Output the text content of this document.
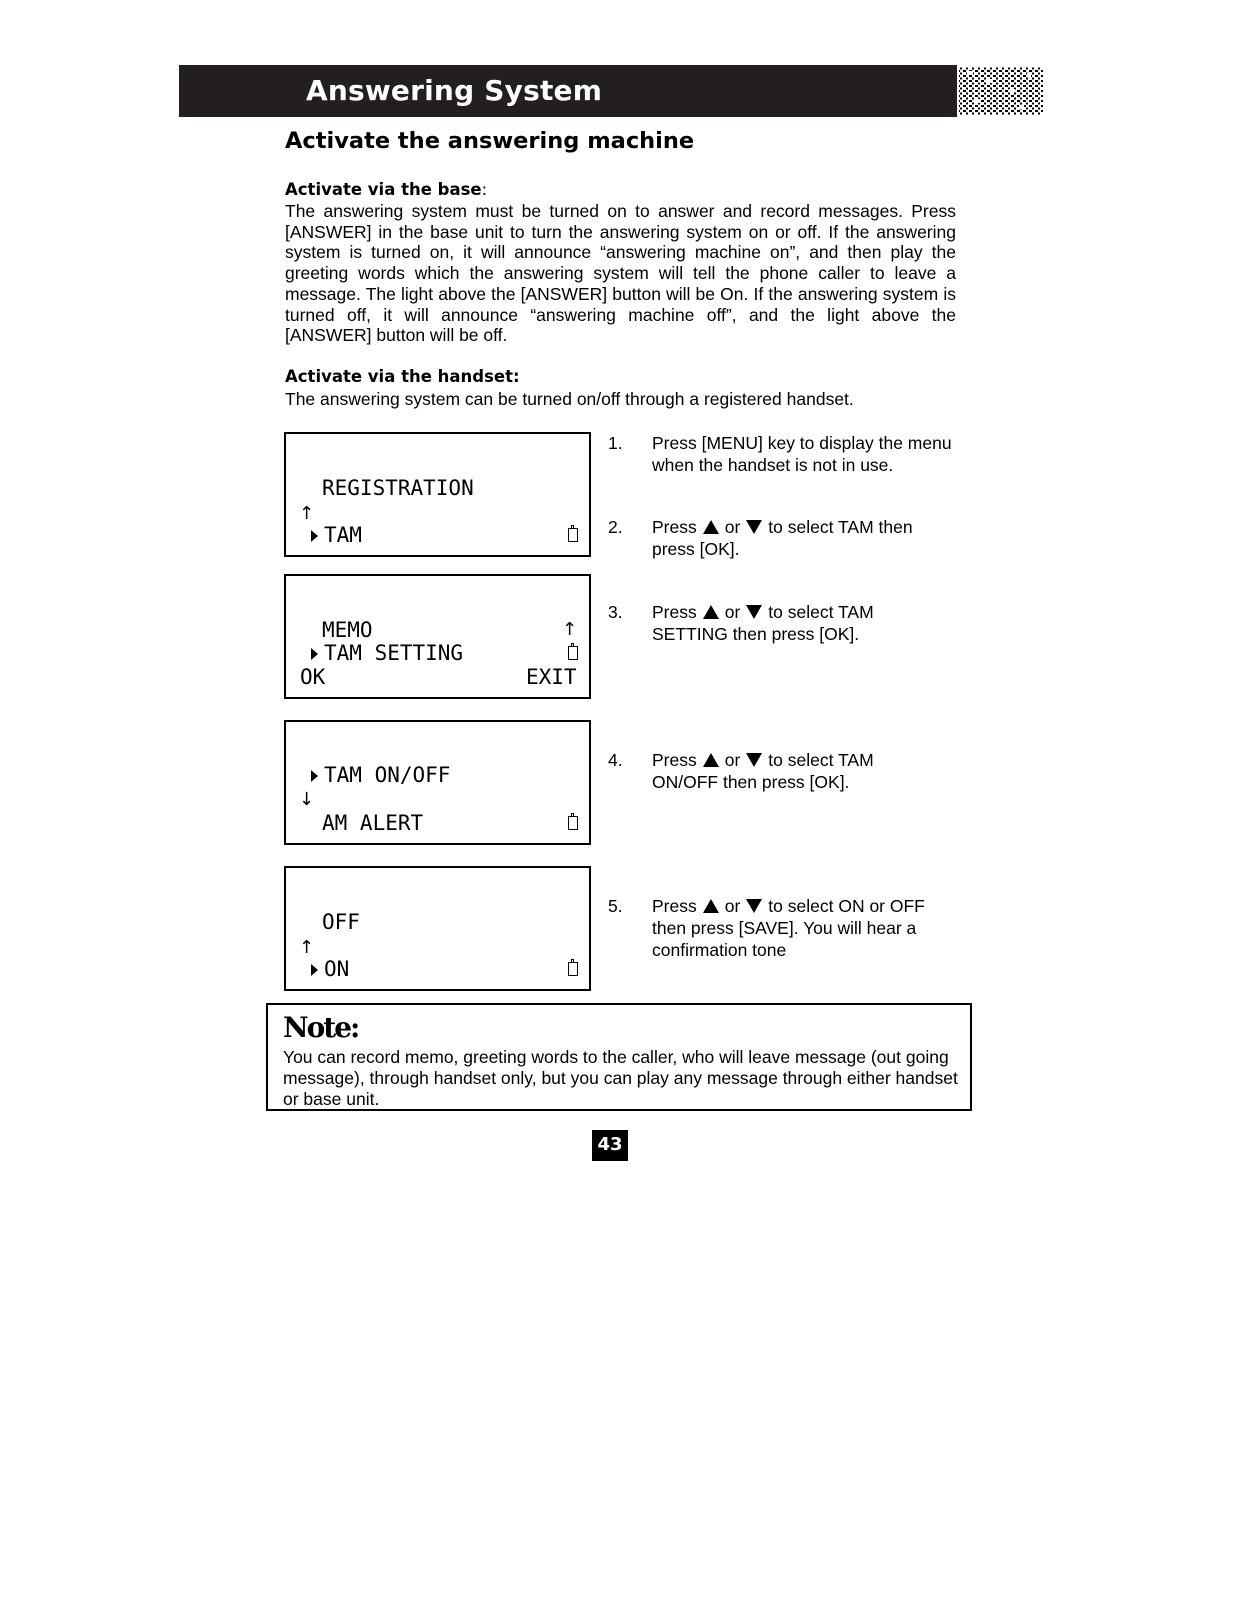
Answering System
Activate the answering machine
Activate via the base:
The answering system must be turned on to answer and record messages. Press [ANSWER] in the base unit to turn the answering system on or off. If the answering system is turned on, it will announce “answering machine on”, and then play the greeting words which the answering system will tell the phone caller to leave a message. The light above the [ANSWER] button will be On. If the answering system is turned off, it will announce “answering machine off”, and the light above the [ANSWER] button will be off.
Activate via the handset:
The answering system can be turned on/off through a registered handset.
REGISTRATION
↑
TAM
MEMO	↑
TAM SETTING
OK	EXIT
TAM ON/OFF
↓
AM ALERT
OFF
↑
ON
1. Press [MENU] key to display the menu when the handset is not in use.
2. Press or to select TAM then
press [OK].
3. Press or to select TAM
SETTING then press [OK].
4. Press or to select TAM
ON/OFF then press [OK].
5. Press or to select ON or OFF
then press [SAVE]. You will hear a confirmation tone
Note:
You can record memo, greeting words to the caller, who will leave message (out going message), through handset only, but you can play any message through either handset or base unit.
43
